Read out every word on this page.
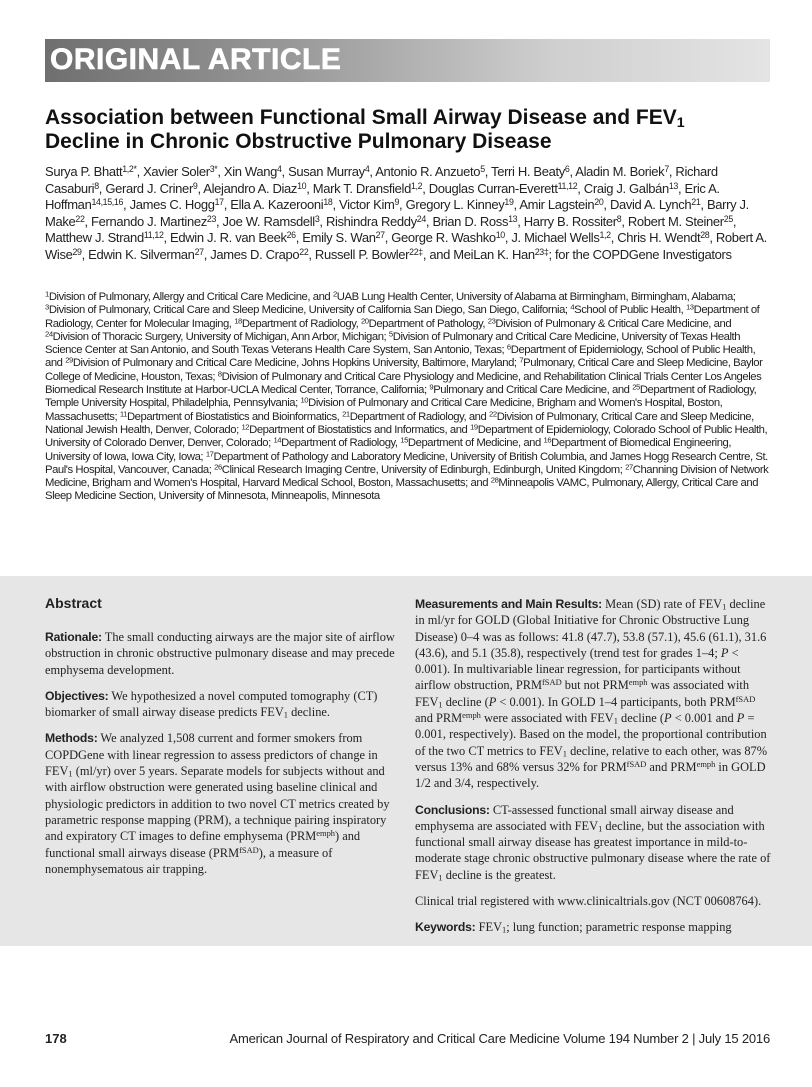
ORIGINAL ARTICLE
Association between Functional Small Airway Disease and $FEV_1$
Decline in Chronic Obstructive Pulmonary Disease
Surya P. Bhatt$^{1,2*}$, Xavier Soler$^{3*}$, Xin Wang$^4$, Susan Murray$^4$, Antonio R. Anzueto$^5$, Terri H. Beaty$^6$, Aladin M. Boriek$^7$, Richard Casaburi$^8$, Gerard J. Criner$^9$, Alejandro A. Diaz$^{10}$, Mark T. Dransfield$^{1,2}$, Douglas Curran-Everett$^{11,12}$, Craig J. Galbán$^{13}$, Eric A. Hoffman$^{14,15,16}$, James C. Hogg$^{17}$, Ella A. Kazerooni$^{18}$, Victor Kim$^9$, Gregory L. Kinney$^{19}$, Amir Lagstein$^{20}$, David A. Lynch$^{21}$, Barry J. Make$^{22}$, Fernando J. Martinez$^{23}$, Joe W. Ramsdell$^3$, Rishindra Reddy$^{24}$, Brian D. Ross$^{13}$, Harry B. Rossiter$^8$, Robert M. Steiner$^{25}$, Matthew J. Strand$^{11,12}$, Edwin J. R. van Beek$^{26}$, Emily S. Wan$^{27}$, George R. Washko$^{10}$, J. Michael Wells$^{1,2}$, Chris H. Wendt$^{28}$, Robert A. Wise$^{29}$, Edwin K. Silverman$^{27}$, James D. Crapo$^{22}$, Russell P. Bowler$^{22\ddagger}$, and MeiLan K. Han$^{23\ddagger}$; for the COPDGene Investigators
$^1$Division of Pulmonary, Allergy and Critical Care Medicine, and $^2$UAB Lung Health Center, University of Alabama at Birmingham, Birmingham, Alabama; $^3$Division of Pulmonary, Critical Care and Sleep Medicine, University of California San Diego, San Diego, California; $^4$School of Public Health, $^{13}$Department of Radiology, Center for Molecular Imaging, $^{18}$Department of Radiology, $^{20}$Department of Pathology, $^{23}$Division of Pulmonary & Critical Care Medicine, and $^{24}$Division of Thoracic Surgery, University of Michigan, Ann Arbor, Michigan; $^5$Division of Pulmonary and Critical Care Medicine, University of Texas Health Science Center at San Antonio, and South Texas Veterans Health Care System, San Antonio, Texas; $^6$Department of Epidemiology, School of Public Health, and $^{29}$Division of Pulmonary and Critical Care Medicine, Johns Hopkins University, Baltimore, Maryland; $^7$Pulmonary, Critical Care and Sleep Medicine, Baylor College of Medicine, Houston, Texas; $^8$Division of Pulmonary and Critical Care Physiology and Medicine, and Rehabilitation Clinical Trials Center Los Angeles Biomedical Research Institute at Harbor-UCLA Medical Center, Torrance, California; $^9$Pulmonary and Critical Care Medicine, and $^{25}$Department of Radiology, Temple University Hospital, Philadelphia, Pennsylvania; $^{10}$Division of Pulmonary and Critical Care Medicine, Brigham and Women's Hospital, Boston, Massachusetts; $^{11}$Department of Biostatistics and Bioinformatics, $^{21}$Department of Radiology, and $^{22}$Division of Pulmonary, Critical Care and Sleep Medicine, National Jewish Health, Denver, Colorado; $^{12}$Department of Biostatistics and Informatics, and $^{19}$Department of Epidemiology, Colorado School of Public Health, University of Colorado Denver, Denver, Colorado; $^{14}$Department of Radiology, $^{15}$Department of Medicine, and $^{16}$Department of Biomedical Engineering, University of Iowa, Iowa City, Iowa; $^{17}$Department of Pathology and Laboratory Medicine, University of British Columbia, and James Hogg Research Centre, St. Paul's Hospital, Vancouver, Canada; $^{26}$Clinical Research Imaging Centre, University of Edinburgh, Edinburgh, United Kingdom; $^{27}$Channing Division of Network Medicine, Brigham and Women's Hospital, Harvard Medical School, Boston, Massachusetts; and $^{28}$Minneapolis VAMC, Pulmonary, Allergy, Critical Care and Sleep Medicine Section, University of Minnesota, Minneapolis, Minnesota
Abstract

Rationale: The small conducting airways are the major site of airflow obstruction in chronic obstructive pulmonary disease and may precede emphysema development.

Objectives: We hypothesized a novel computed tomography (CT) biomarker of small airway disease predicts $FEV_1$ decline.

Methods: We analyzed 1,508 current and former smokers from COPDGene with linear regression to assess predictors of change in $FEV_1$ (ml/yr) over 5 years. Separate models for subjects without and with airflow obstruction were generated using baseline clinical and physiologic predictors in addition to two novel CT metrics created by parametric response mapping (PRM), a technique pairing inspiratory and expiratory CT images to define emphysema $(PRM^{emph})$ and functional small airways disease $(PRM^{fSAD})$, a measure of nonemphysematous air trapping.

Measurements and Main Results: Mean (SD) rate of $FEV_1$ decline in ml/yr for GOLD (Global Initiative for Chronic Obstructive Lung Disease) 0–4 was as follows: 41.8 (47.7), 53.8 (57.1), 45.6 (61.1), 31.6 (43.6), and 5.1 (35.8), respectively (trend test for grades 1–4; P < 0.001). In multivariable linear regression, for participants without airflow obstruction, $PRM^{fSAD}$ but not $PRM^{emph}$ was associated with $FEV_1$ decline (P < 0.001). In GOLD 1–4 participants, both $PRM^{fSAD}$ and $PRM^{emph}$ were associated with $FEV_1$ decline (P < 0.001 and P = 0.001, respectively). Based on the model, the proportional contribution of the two CT metrics to $FEV_1$ decline, relative to each other, was 87% versus 13% and 68% versus 32% for $PRM^{fSAD}$ and $PRM^{emph}$ in GOLD 1/2 and 3/4, respectively.

Conclusions: CT-assessed functional small airway disease and emphysema are associated with $FEV_1$ decline, but the association with functional small airway disease has greatest importance in mild-to-moderate stage chronic obstructive pulmonary disease where the rate of $FEV_1$ decline is the greatest.

Clinical trial registered with www.clinicaltrials.gov (NCT 00608764).

Keywords: $FEV_1$; lung function; parametric response mapping

178	American Journal of Respiratory and Critical Care Medicine Volume 194 Number 2 | July 15 2016
